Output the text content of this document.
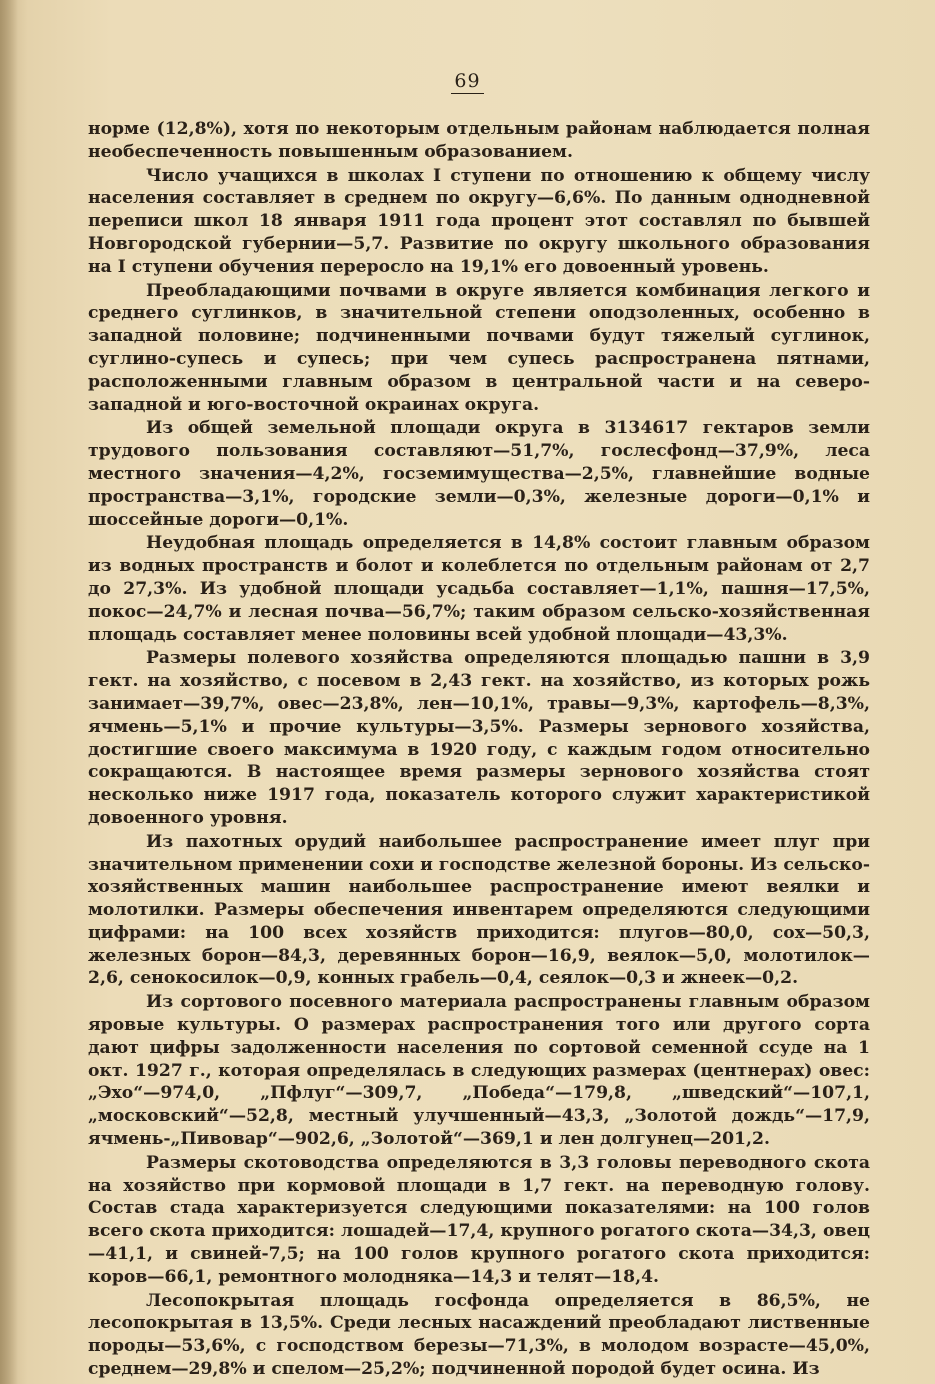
69

норме (12,8%), хотя по некоторым отдельным районам наблюдается полная необеспеченность повышенным образованием.

Число учащихся в школах I ступени по отношению к общему числу населения составляет в среднем по округу—6,6%. По данным однодневной переписи школ 18 января 1911 года процент этот составлял по бывшей Новгородской губернии—5,7. Развитие по округу школьного образования на I ступени обучения переросло на 19,1% его довоенный уровень.

Преобладающими почвами в округе является комбинация легкого и среднего суглинков, в значительной степени оподзоленных, особенно в западной половине; подчиненными почвами будут тяжелый суглинок, суглино-супесь и супесь; при чем супесь распространена пятнами, расположенными главным образом в центральной части и на северо-западной и юго-восточной окраинах округа.

Из общей земельной площади округа в 3134617 гектаров земли трудового пользования составляют—51,7%, гослесфонд—37,9%, леса местного значения—4,2%, госземимущества—2,5%, главнейшие водные пространства—3,1%, городские земли—0,3%, железные дороги—0,1% и шоссейные дороги—0,1%.

Неудобная площадь определяется в 14,8% состоит главным образом из водных пространств и болот и колеблется по отдельным районам от 2,7 до 27,3%. Из удобной площади усадьба составляет—1,1%, пашня—17,5%, покос—24,7% и лесная почва—56,7%; таким образом сельско-хозяйственная площадь составляет менее половины всей удобной площади—43,3%.

Размеры полевого хозяйства определяются площадью пашни в 3,9 гект. на хозяйство, с посевом в 2,43 гект. на хозяйство, из которых рожь занимает—39,7%, овес—23,8%, лен—10,1%, травы—9,3%, картофель—8,3%, ячмень—5,1% и прочие культуры—3,5%. Размеры зернового хозяйства, достигшие своего максимума в 1920 году, с каждым годом относительно сокращаются. В настоящее время размеры зернового хозяйства стоят несколько ниже 1917 года, показатель которого служит характеристикой довоенного уровня.

Из пахотных орудий наибольшее распространение имеет плуг при значительном применении сохи и господстве железной бороны. Из сельско-хозяйственных машин наибольшее распространение имеют веялки и молотилки. Размеры обеспечения инвентарем определяются следующими цифрами: на 100 всех хозяйств приходится: плугов—80,0, сох—50,3, железных борон—84,3, деревянных борон—16,9, веялок—5,0, молотилок—2,6, сенокосилок—0,9, конных грабель—0,4, сеялок—0,3 и жнеек—0,2.

Из сортового посевного материала распространены главным образом яровые культуры. О размерах распространения того или другого сорта дают цифры задолженности населения по сортовой семенной ссуде на 1 окт. 1927 г., которая определялась в следующих размерах (центнерах) овес: „Эхо“—974,0, „Пфлуг“—309,7, „Победа“—179,8, „шведский“—107,1, „московский“—52,8, местный улучшенный—43,3, „Золотой дождь“—17,9, ячмень-„Пивовар“—902,6, „Золотой“—369,1 и лен долгунец—201,2.

Размеры скотоводства определяются в 3,3 головы переводного скота на хозяйство при кормовой площади в 1,7 гект. на переводную голову. Состав стада характеризуется следующими показателями: на 100 голов всего скота приходится: лошадей—17,4, крупного рогатого скота—34,3, овец—41,1, и свиней-7,5; на 100 голов крупного рогатого скота приходится: коров—66,1, ремонтного молодняка—14,3 и телят—18,4.

Лесопокрытая площадь госфонда определяется в 86,5%, не лесопокрытая в 13,5%. Среди лесных насаждений преобладают лиственные породы—53,6%, с господством березы—71,3%, в молодом возрасте—45,0%, среднем—29,8% и спелом—25,2%; подчиненной породой будет осина. Из
